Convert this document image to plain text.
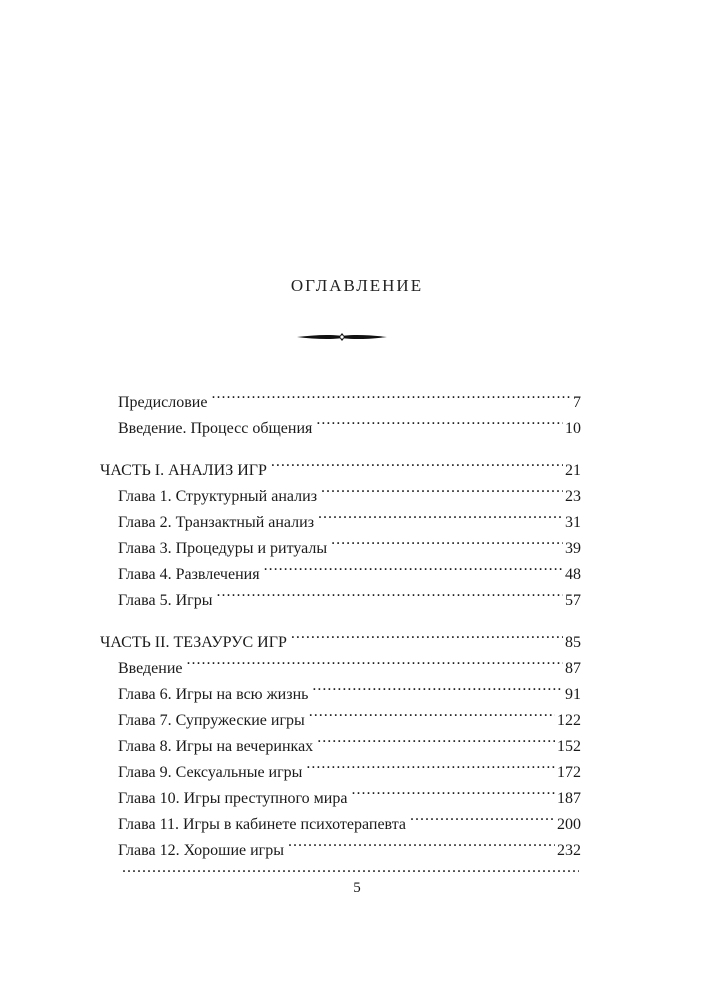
ОГЛАВЛЕНИЕ
Предисловие .....	7
Введение. Процесс общения .....	10
ЧАСТЬ I. АНАЛИЗ ИГР .....	21
Глава 1. Структурный анализ .....	23
Глава 2. Транзактный анализ .....	31
Глава 3. Процедуры и ритуалы .....	39
Глава 4. Развлечения .....	48
Глава 5. Игры .....	57
ЧАСТЬ II. ТЕЗАУРУС ИГР .....	85
Введение .....	87
Глава 6. Игры на всю жизнь .....	91
Глава 7. Супружеские игры .....	122
Глава 8. Игры на вечеринках .....	152
Глава 9. Сексуальные игры .....	172
Глава 10. Игры преступного мира .....	187
Глава 11. Игры в кабинете психотерапевта .....	200
Глава 12. Хорошие игры .....	232
.....
5
